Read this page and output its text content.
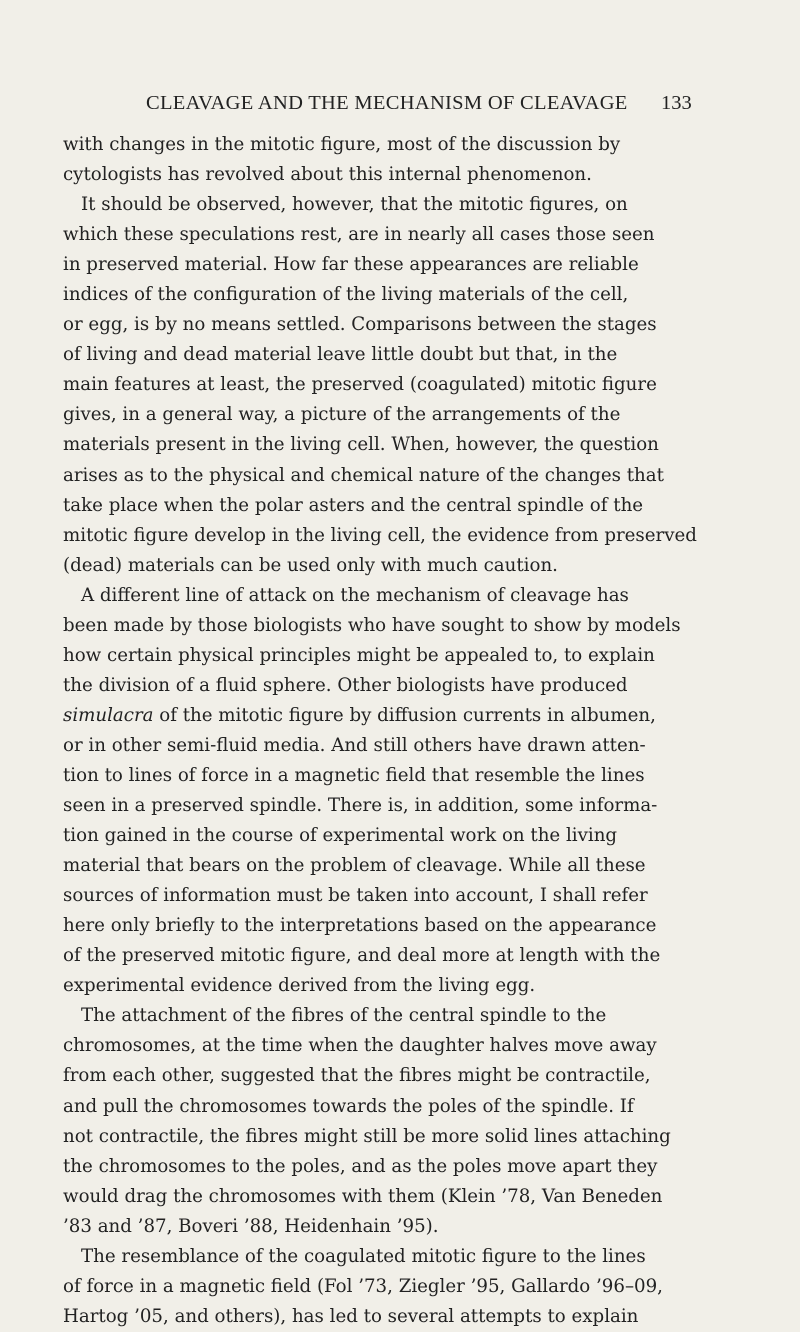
CLEAVAGE AND THE MECHANISM OF CLEAVAGE 133
with changes in the mitotic figure, most of the discussion by
cytologists has revolved about this internal phenomenon.
It should be observed, however, that the mitotic figures, on
which these speculations rest, are in nearly all cases those seen
in preserved material. How far these appearances are reliable
indices of the configuration of the living materials of the cell,
or egg, is by no means settled. Comparisons between the stages
of living and dead material leave little doubt but that, in the
main features at least, the preserved (coagulated) mitotic figure
gives, in a general way, a picture of the arrangements of the
materials present in the living cell. When, however, the question
arises as to the physical and chemical nature of the changes that
take place when the polar asters and the central spindle of the
mitotic figure develop in the living cell, the evidence from preserved
(dead) materials can be used only with much caution.
A different line of attack on the mechanism of cleavage has
been made by those biologists who have sought to show by models
how certain physical principles might be appealed to, to explain
the division of a fluid sphere. Other biologists have produced
simulacra of the mitotic figure by diffusion currents in albumen,
or in other semi-fluid media. And still others have drawn atten-
tion to lines of force in a magnetic field that resemble the lines
seen in a preserved spindle. There is, in addition, some informa-
tion gained in the course of experimental work on the living
material that bears on the problem of cleavage. While all these
sources of information must be taken into account, I shall refer
here only briefly to the interpretations based on the appearance
of the preserved mitotic figure, and deal more at length with the
experimental evidence derived from the living egg.
The attachment of the fibres of the central spindle to the
chromosomes, at the time when the daughter halves move away
from each other, suggested that the fibres might be contractile,
and pull the chromosomes towards the poles of the spindle. If
not contractile, the fibres might still be more solid lines attaching
the chromosomes to the poles, and as the poles move apart they
would drag the chromosomes with them (Klein ’78, Van Beneden
’83 and ’87, Boveri ’88, Heidenhain ’95).
The resemblance of the coagulated mitotic figure to the lines
of force in a magnetic field (Fol ’73, Ziegler ’95, Gallardo ’96–09,
Hartog ’05, and others), has led to several attempts to explain
